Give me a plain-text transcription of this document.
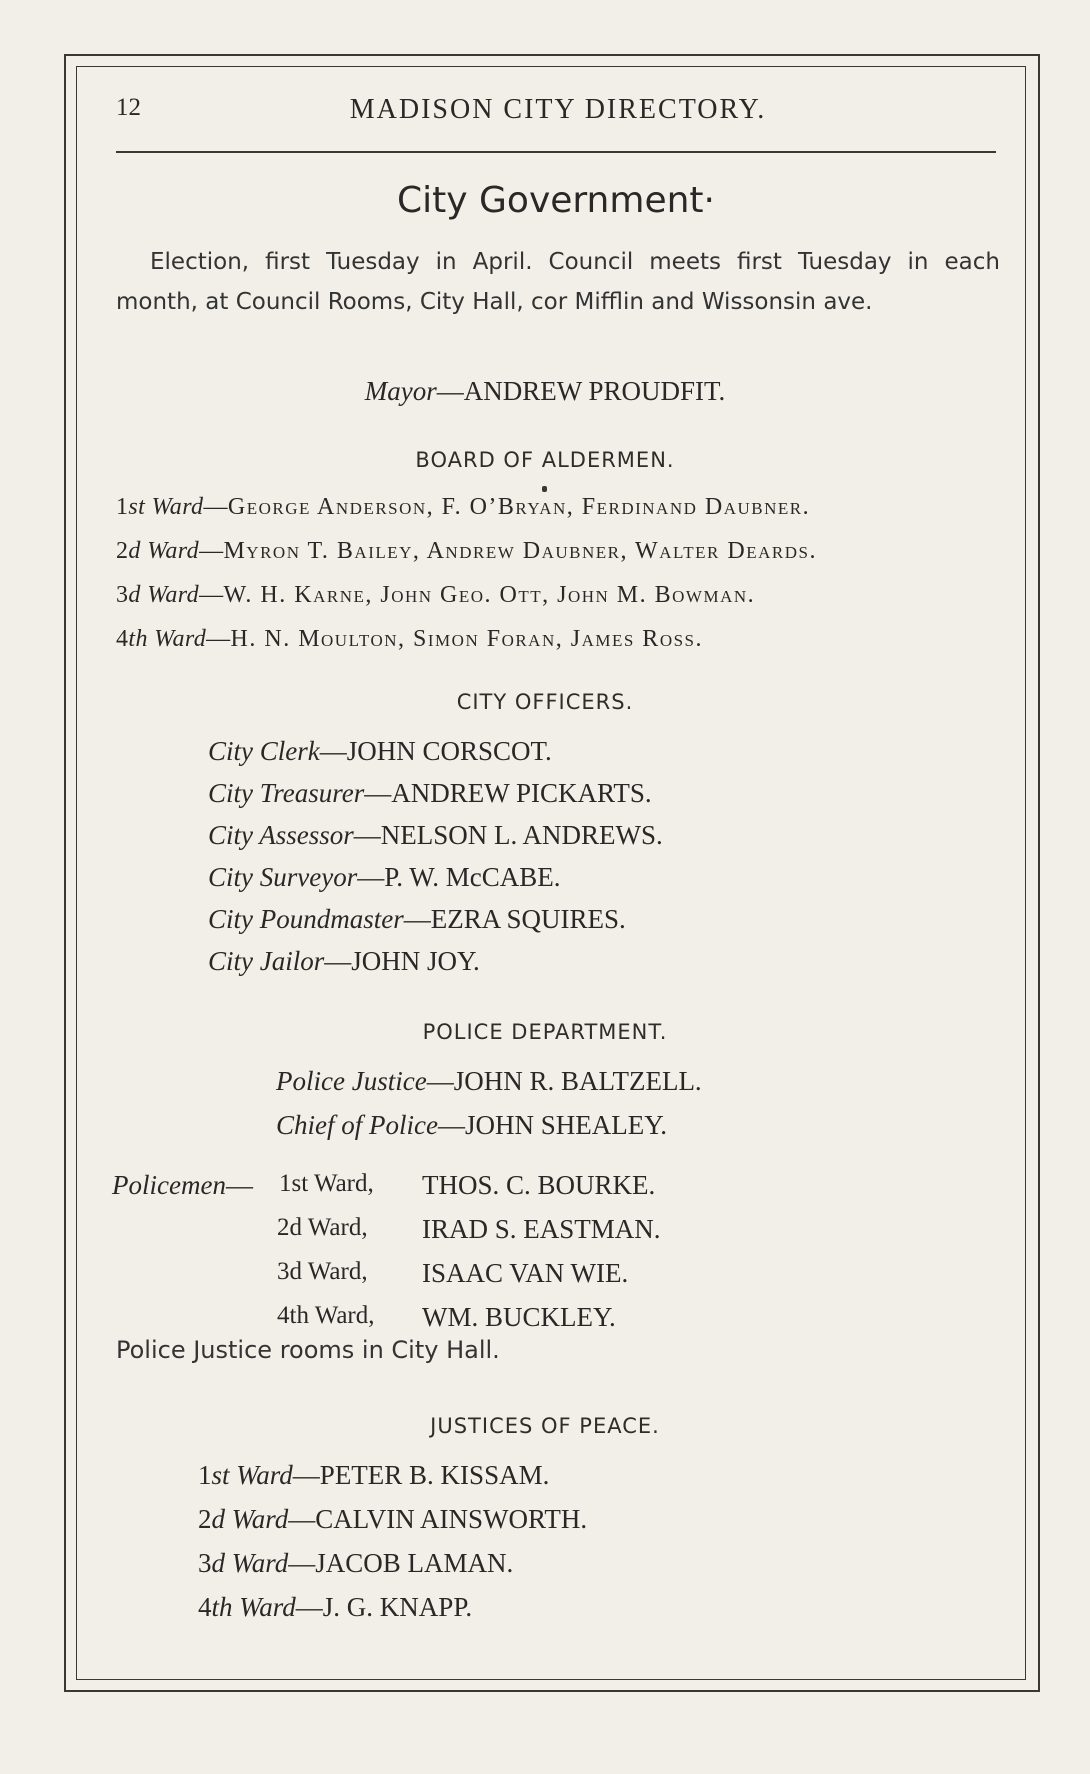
12	MADISON CITY DIRECTORY.
City Government·

Election, first Tuesday in April. Council meets first Tuesday in each month, at Council Rooms, City Hall, cor Mifflin and Wissonsin ave.

Mayor—ANDREW PROUDFIT.
BOARD OF ALDERMEN.
1st Ward—George Anderson, F. O’Bryan, Ferdinand Daubner.
2d Ward—Myron T. Bailey, Andrew Daubner, Walter Deards.
3d Ward—W. H. Karne, John Geo. Ott, John M. Bowman.
4th Ward—H. N. Moulton, Simon Foran, James Ross.
CITY OFFICERS.
City Clerk—JOHN CORSCOT.
City Treasurer—ANDREW PICKARTS.
City Assessor—NELSON L. ANDREWS.
City Surveyor—P. W. McCABE.
City Poundmaster—EZRA SQUIRES.
City Jailor—JOHN JOY.
POLICE DEPARTMENT.
Police Justice—JOHN R. BALTZELL.
Chief of Police—JOHN SHEALEY.
Policemen— 1st Ward, THOS. C. BOURKE.
2d Ward, IRAD S. EASTMAN.
3d Ward, ISAAC VAN WIE.
4th Ward, WM. BUCKLEY.
Police Justice rooms in City Hall.
JUSTICES OF PEACE.
1st Ward—PETER B. KISSAM.
2d Ward—CALVIN AINSWORTH.
3d Ward—JACOB LAMAN.
4th Ward—J. G. KNAPP.
